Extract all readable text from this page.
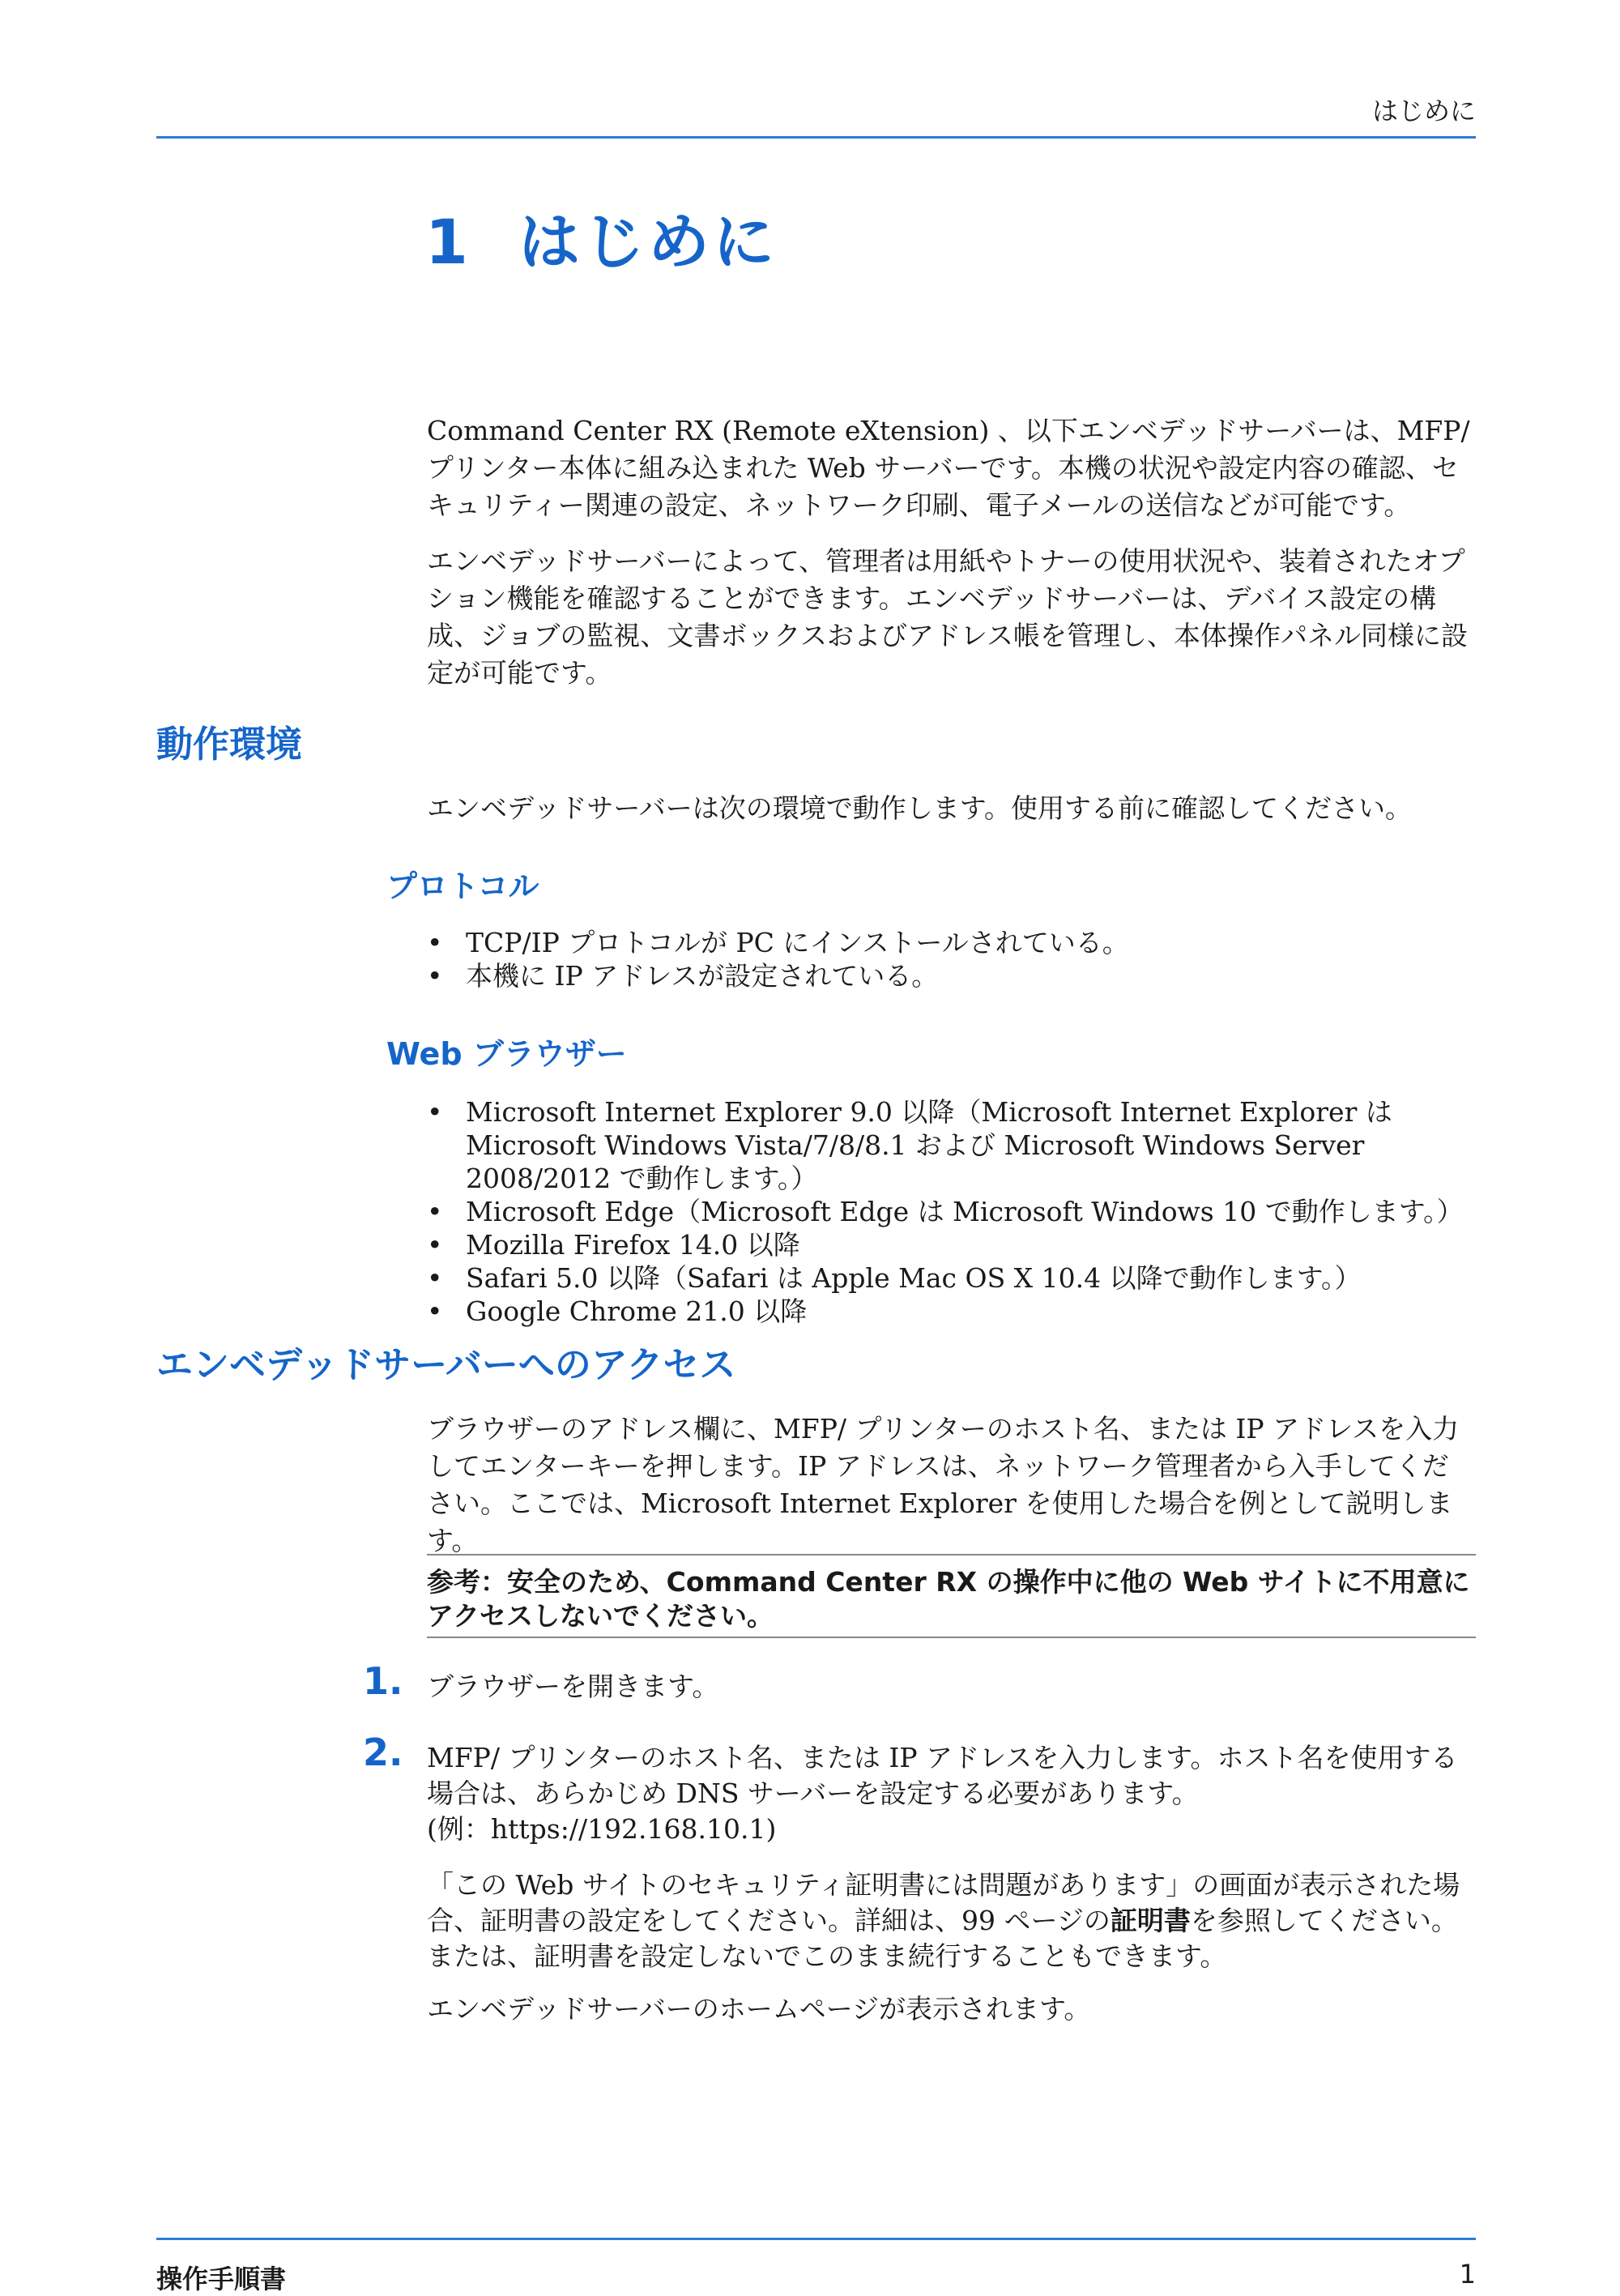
はじめに
1 はじめに

Command Center RX (Remote eXtension) 、以下エンベデッドサーバーは、MFP/ プリンター本体に組み込まれた Web サーバーです。本機の状況や設定内容の確認、セキュリティー関連の設定、ネットワーク印刷、電子メールの送信などが可能です。

エンベデッドサーバーによって、管理者は用紙やトナーの使用状況や、装着されたオプション機能を確認することができます。エンベデッドサーバーは、デバイス設定の構成、ジョブの監視、文書ボックスおよびアドレス帳を管理し、本体操作パネル同様に設定が可能です。

動作環境

エンベデッドサーバーは次の環境で動作します。使用する前に確認してください。

プロトコル
• TCP/IP プロトコルが PC にインストールされている。
• 本機に IP アドレスが設定されている。
Web ブラウザー
• Microsoft Internet Explorer 9.0 以降（Microsoft Internet Explorer は Microsoft Windows Vista/7/8/8.1 および Microsoft Windows Server 2008/2012 で動作します。）
• Microsoft Edge（Microsoft Edge は Microsoft Windows 10 で動作します。）
• Mozilla Firefox 14.0 以降
• Safari 5.0 以降（Safari は Apple Mac OS X 10.4 以降で動作します。）
• Google Chrome 21.0 以降
エンベデッドサーバーへのアクセス

ブラウザーのアドレス欄に、MFP/ プリンターのホスト名、または IP アドレスを入力してエンターキーを押します。IP アドレスは、ネットワーク管理者から入手してください。ここでは、Microsoft Internet Explorer を使用した場合を例として説明します。

参考：安全のため、Command Center RX の操作中に他の Web サイトに不用意にアクセスしないでください。

1. ブラウザーを開きます。

2. MFP/ プリンターのホスト名、または IP アドレスを入力します。ホスト名を使用する場合は、あらかじめ DNS サーバーを設定する必要があります。

(例：https://192.168.10.1)

「この Web サイトのセキュリティ証明書には問題があります」の画面が表示された場合、証明書の設定をしてください。詳細は、99 ページの証明書を参照してください。または、証明書を設定しないでこのまま続行することもできます。

エンベデッドサーバーのホームページが表示されます。

操作手順書	1
